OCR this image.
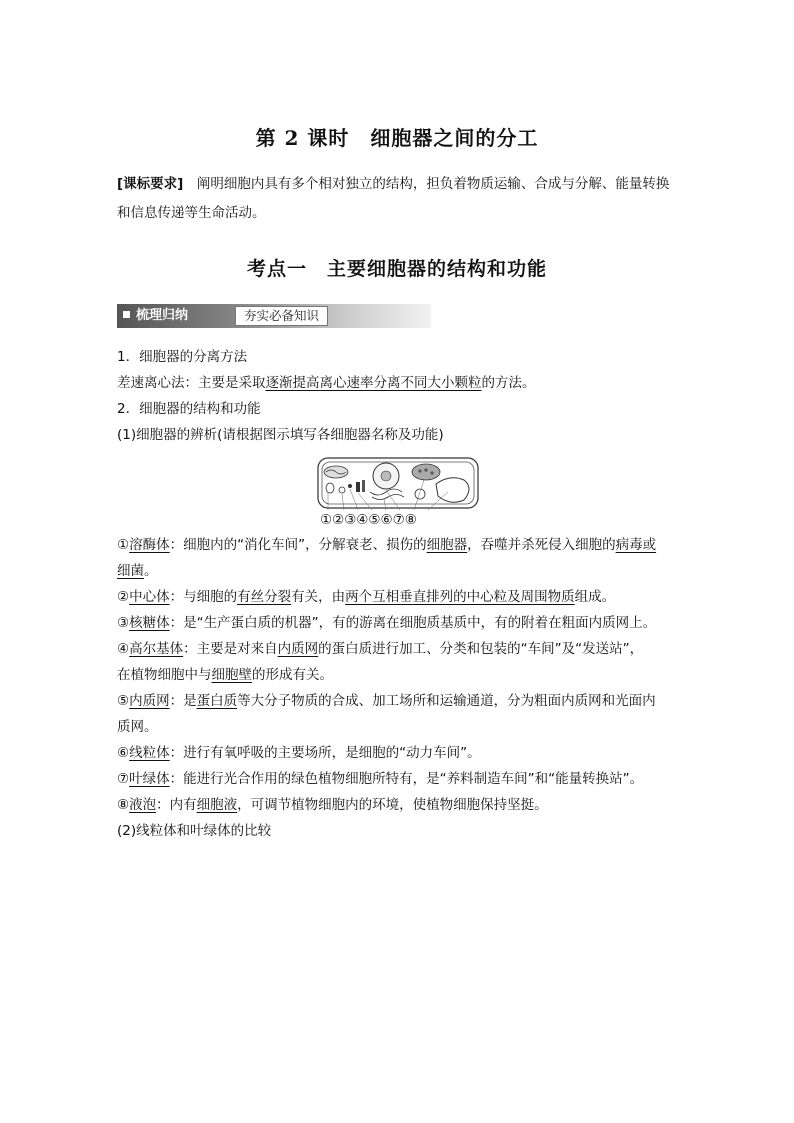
第 2 课时　细胞器之间的分工
[课标要求]　阐明细胞内具有多个相对独立的结构，担负着物质运输、合成与分解、能量转换和信息传递等生命活动。
考点一　主要细胞器的结构和功能
梳理归纳	夯实必备知识
1．细胞器的分离方法
差速离心法：主要是采取逐渐提高离心速率分离不同大小颗粒的方法。
2．细胞器的结构和功能
(1)细胞器的辨析(请根据图示填写各细胞器名称及功能)
①②③④⑤⑥⑦⑧
①溶酶体：细胞内的“消化车间”，分解衰老、损伤的细胞器，吞噬并杀死侵入细胞的病毒或
细菌。
②中心体：与细胞的有丝分裂有关，由两个互相垂直排列的中心粒及周围物质组成。
③核糖体：是“生产蛋白质的机器”，有的游离在细胞质基质中，有的附着在粗面内质网上。
④高尔基体：主要是对来自内质网的蛋白质进行加工、分类和包装的“车间”及“发送站”，
在植物细胞中与细胞壁的形成有关。
⑤内质网：是蛋白质等大分子物质的合成、加工场所和运输通道，分为粗面内质网和光面内
质网。
⑥线粒体：进行有氧呼吸的主要场所，是细胞的“动力车间”。
⑦叶绿体：能进行光合作用的绿色植物细胞所特有，是“养料制造车间”和“能量转换站”。
⑧液泡：内有细胞液，可调节植物细胞内的环境，使植物细胞保持坚挺。
(2)线粒体和叶绿体的比较
